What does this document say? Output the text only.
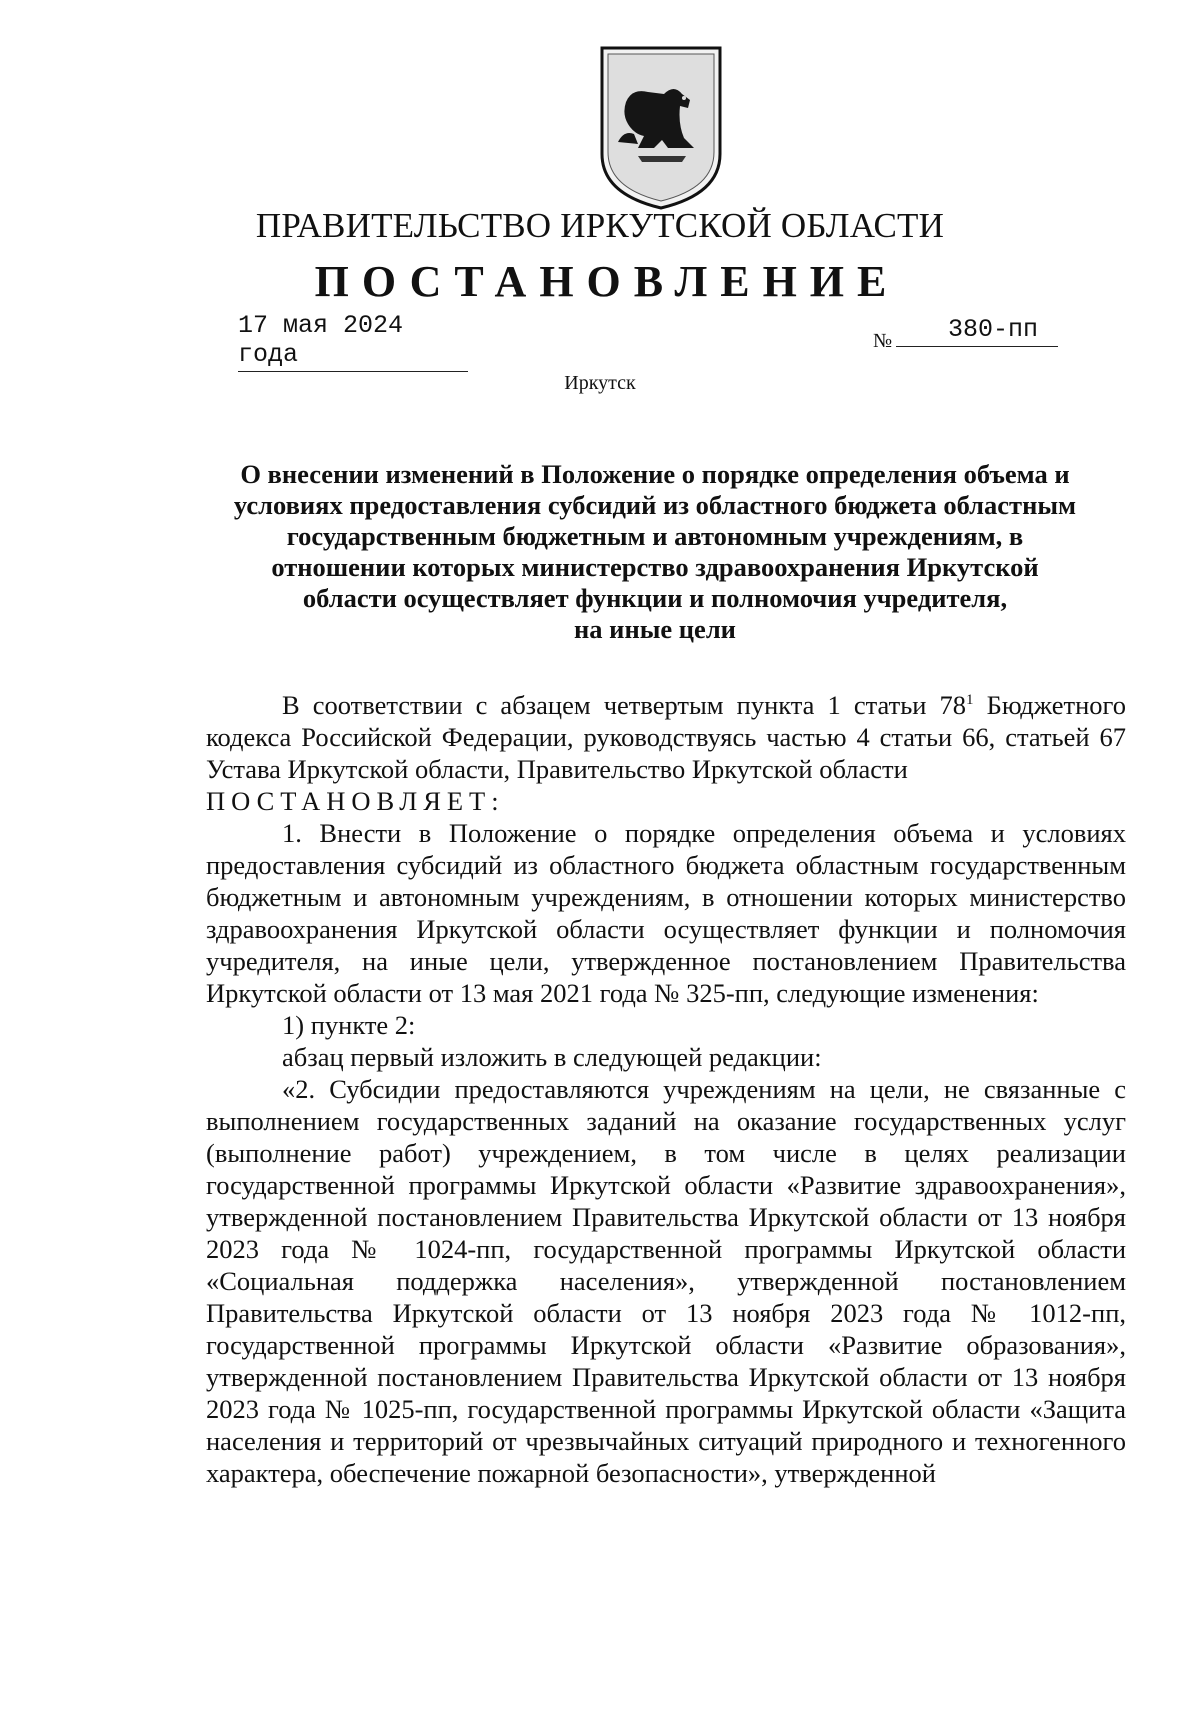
ПРАВИТЕЛЬСТВО ИРКУТСКОЙ ОБЛАСТИ
ПОСТАНОВЛЕНИЕ
17 мая 2024 года	№	380-пп
Иркутск
О внесении изменений в Положение о порядке определения объема и
условиях предоставления субсидий из областного бюджета областным
государственным бюджетным и автономным учреждениям, в
отношении которых министерство здравоохранения Иркутской
области осуществляет функции и полномочия учредителя,
на иные цели

В соответствии с абзацем четвертым пункта 1 статьи $78^1$ Бюджетного кодекса Российской Федерации, руководствуясь частью 4 статьи 66, статьей 67 Устава Иркутской области, Правительство Иркутской области

ПОСТАНОВЛЯЕТ:

1. Внести в Положение о порядке определения объема и условиях предоставления субсидий из областного бюджета областным государственным бюджетным и автономным учреждениям, в отношении которых министерство здравоохранения Иркутской области осуществляет функции и полномочия учредителя, на иные цели, утвержденное постановлением Правительства Иркутской области от 13 мая 2021 года № 325-пп, следующие изменения:

1) пункте 2:

абзац первый изложить в следующей редакции:

«2. Субсидии предоставляются учреждениям на цели, не связанные с выполнением государственных заданий на оказание государственных услуг (выполнение работ) учреждением, в том числе в целях реализации государственной программы Иркутской области «Развитие здравоохранения», утвержденной постановлением Правительства Иркутской области от 13 ноября 2023 года № 1024-пп, государственной программы Иркутской области «Социальная поддержка населения», утвержденной постановлением Правительства Иркутской области от 13 ноября 2023 года № 1012-пп, государственной программы Иркутской области «Развитие образования», утвержденной постановлением Правительства Иркутской области от 13 ноября 2023 года № 1025-пп, государственной программы Иркутской области «Защита населения и территорий от чрезвычайных ситуаций природного и техногенного характера, обеспечение пожарной безопасности», утвержденной
